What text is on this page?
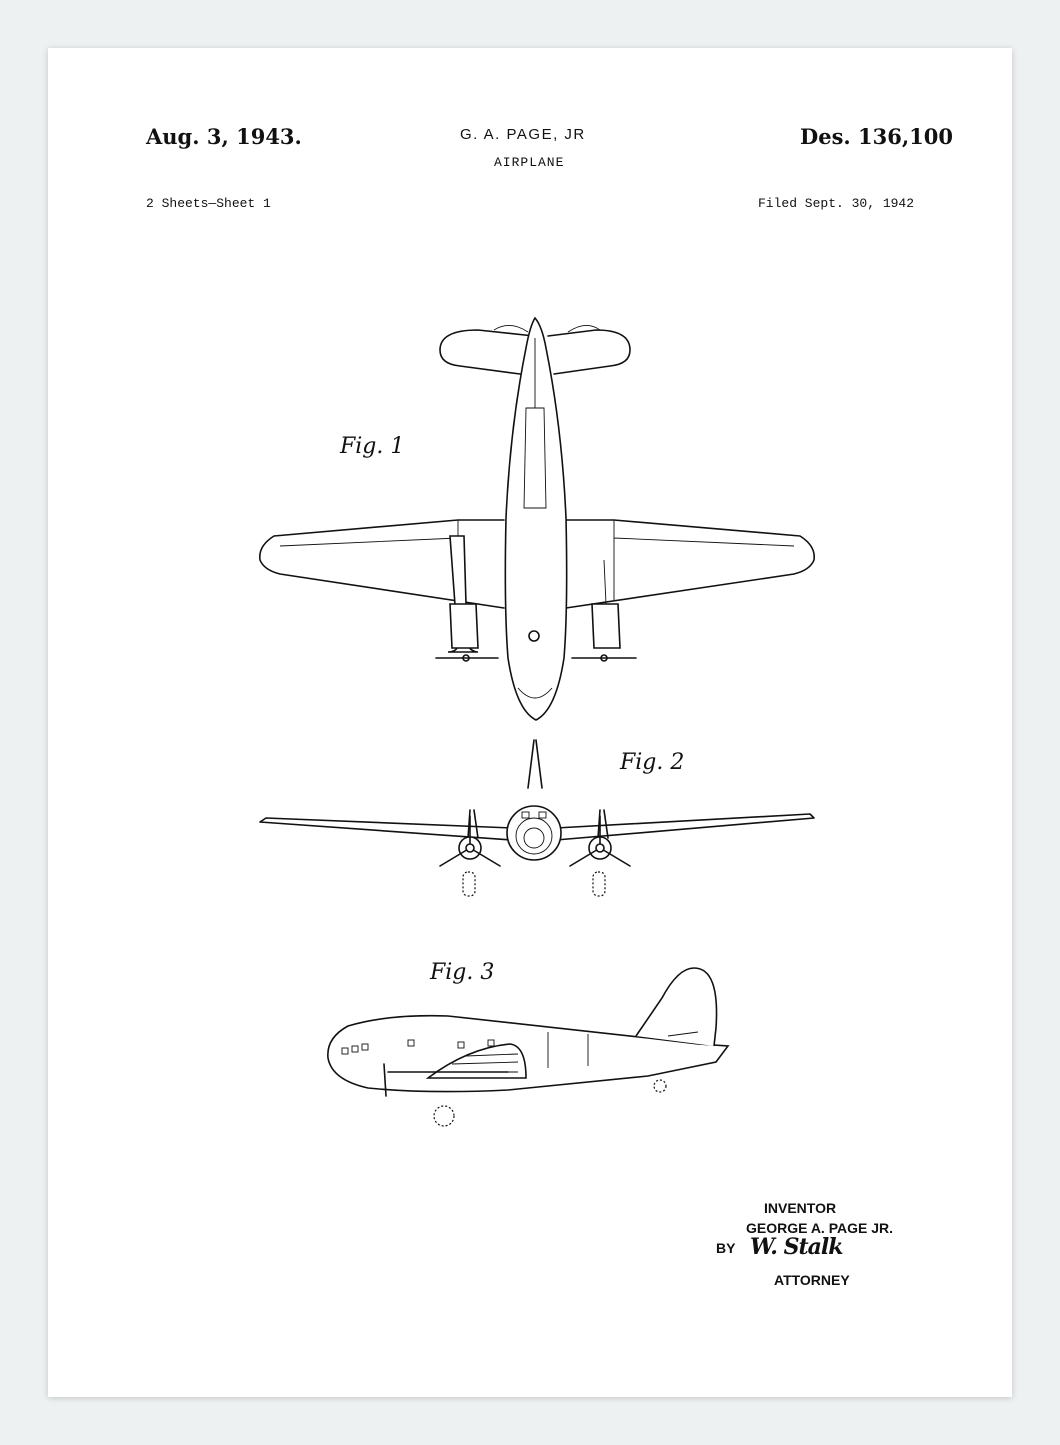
Aug. 3, 1943.	G. A. PAGE, JR
AIRPLANE
Des. 136,100
2 Sheets—Sheet 1	Filed Sept. 30, 1942
Fig. 1
Fig. 2
Fig. 3
INVENTOR
GEORGE A. PAGE JR.
BY W. Stalk
ATTORNEY
